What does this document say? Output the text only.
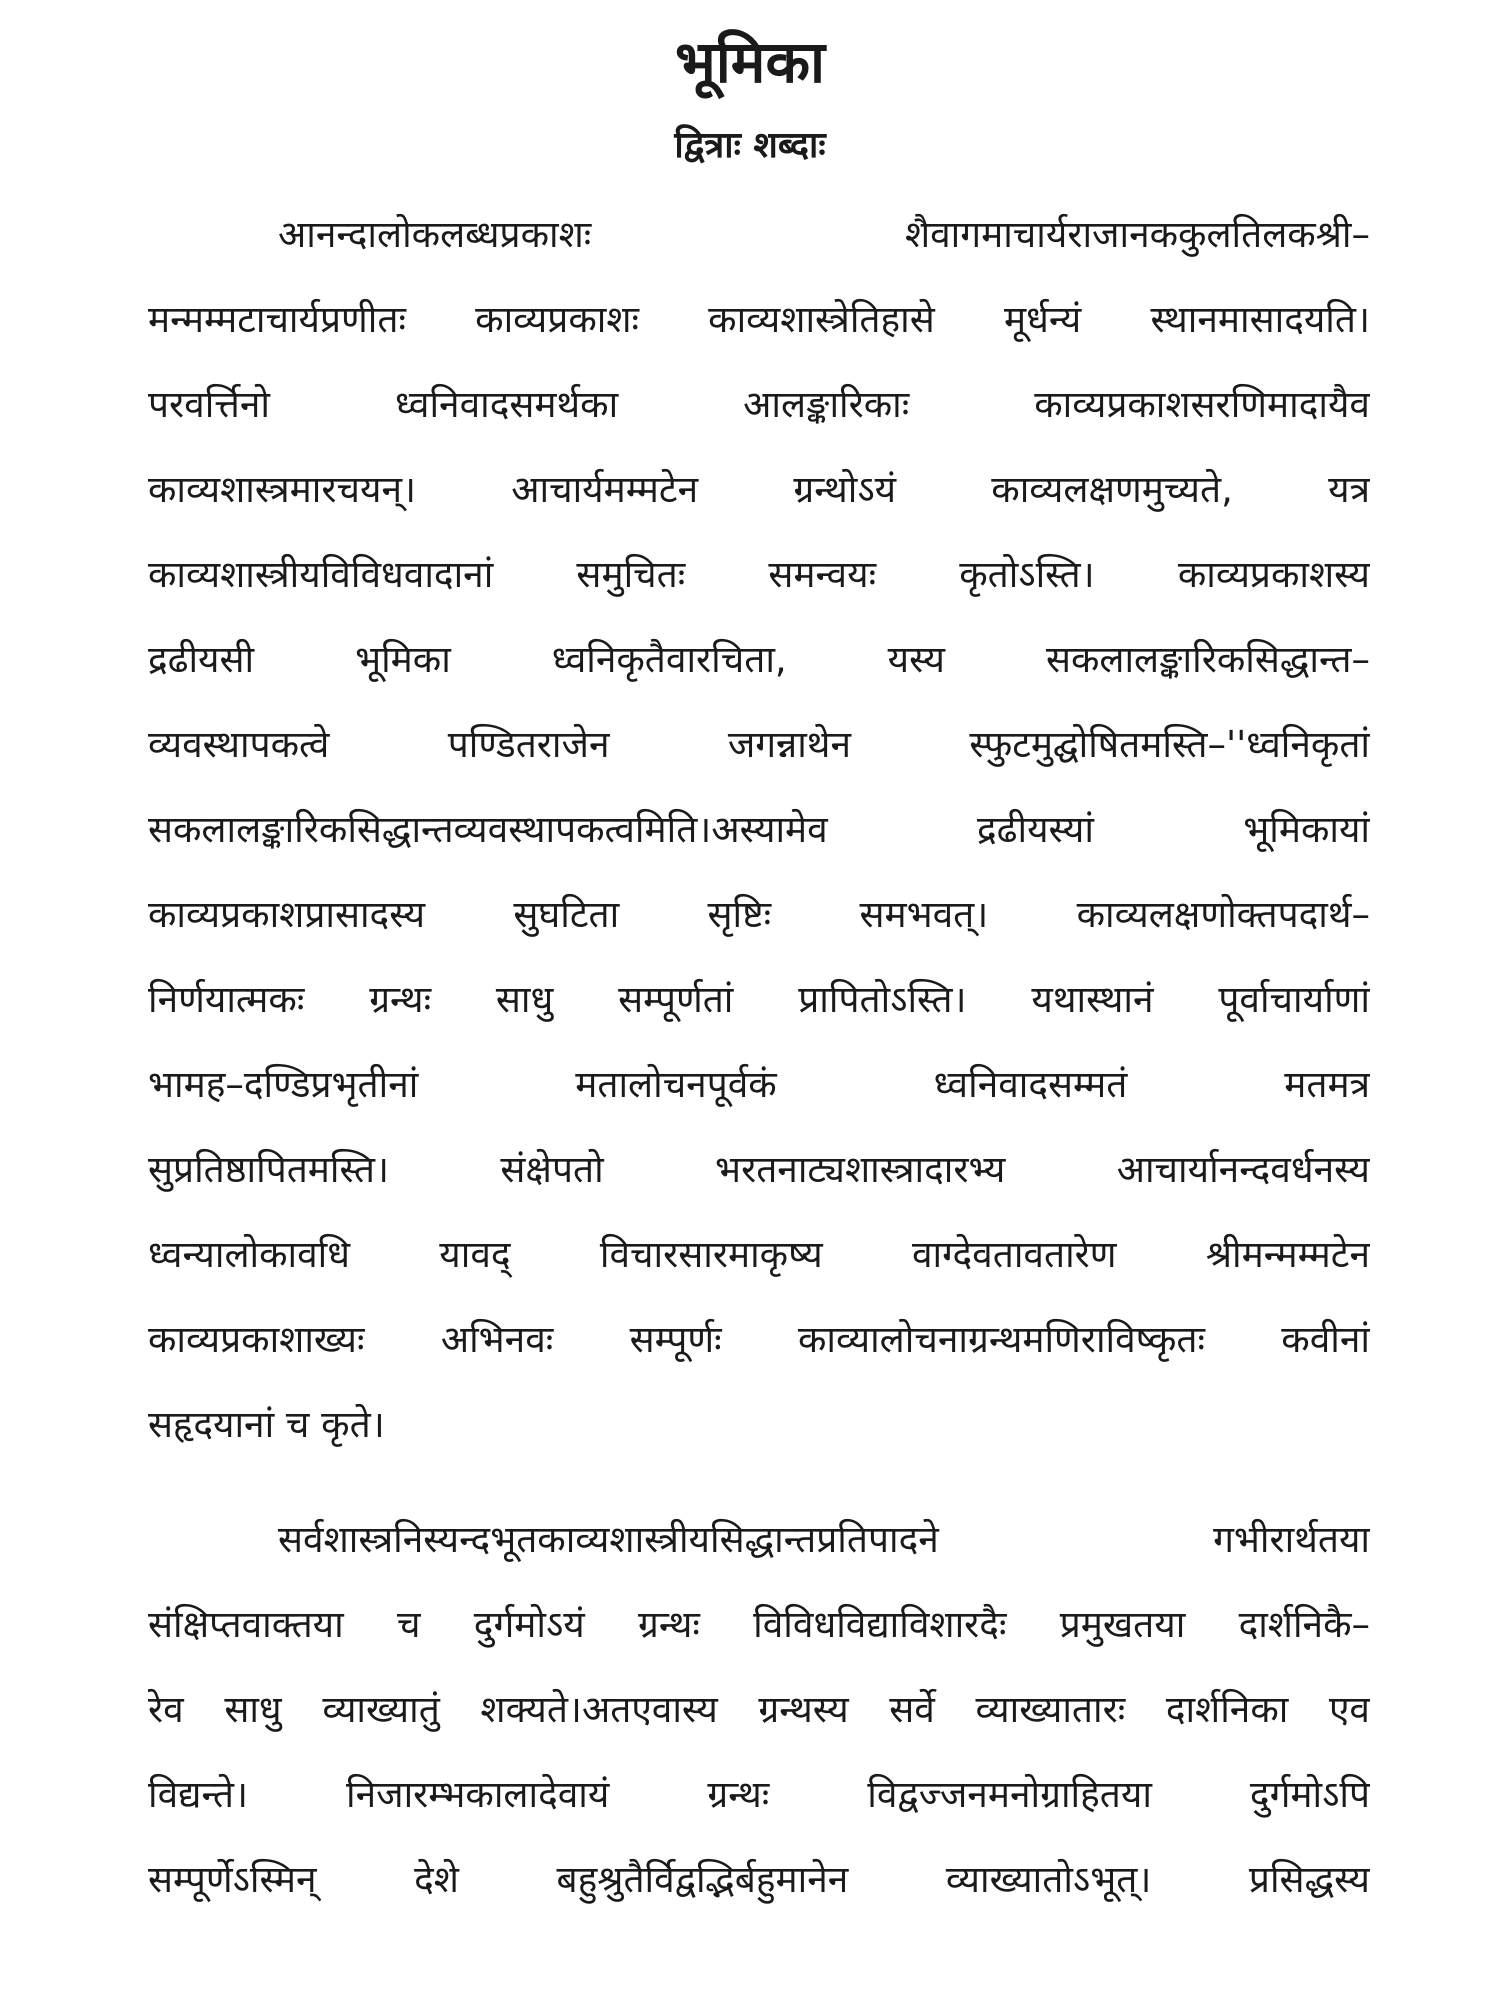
भूमिका
द्वित्राः शब्दाः

आनन्दालोकलब्धप्रकाशः शैवागमाचार्यराजानककुलतिलकश्री–

मन्मम्मटाचार्यप्रणीतः काव्यप्रकाशः काव्यशास्त्रेतिहासे मूर्धन्यं स्थानमासादयति।

परवर्त्तिनो ध्वनिवादसमर्थका आलङ्कारिकाः काव्यप्रकाशसरणिमादायैव

काव्यशास्त्रमारचयन्। आचार्यमम्मटेन ग्रन्थोऽयं काव्यलक्षणमुच्यते, यत्र

काव्यशास्त्रीयविविधवादानां समुचितः समन्वयः कृतोऽस्ति। काव्यप्रकाशस्य

द्रढीयसी भूमिका ध्वनिकृतैवारचिता, यस्य सकलालङ्कारिकसिद्धान्त–

व्यवस्थापकत्वे पण्डितराजेन जगन्नाथेन स्फुटमुद्घोषितमस्ति–''ध्वनिकृतां

सकलालङ्कारिकसिद्धान्तव्यवस्थापकत्वमिति।अस्यामेव द्रढीयस्यां भूमिकायां

काव्यप्रकाशप्रासादस्य सुघटिता सृष्टिः समभवत्। काव्यलक्षणोक्तपदार्थ–

निर्णयात्मकः ग्रन्थः साधु सम्पूर्णतां प्रापितोऽस्ति। यथास्थानं पूर्वाचार्याणां

भामह–दण्डिप्रभृतीनां मतालोचनपूर्वकं ध्वनिवादसम्मतं मतमत्र

सुप्रतिष्ठापितमस्ति। संक्षेपतो भरतनाट्यशास्त्रादारभ्य आचार्यानन्दवर्धनस्य

ध्वन्यालोकावधि यावद् विचारसारमाकृष्य वाग्देवतावतारेण श्रीमन्मम्मटेन

काव्यप्रकाशाख्यः अभिनवः सम्पूर्णः काव्यालोचनाग्रन्थमणिराविष्कृतः कवीनां

सहृदयानां च कृते।

सर्वशास्त्रनिस्यन्दभूतकाव्यशास्त्रीयसिद्धान्तप्रतिपादने गभीरार्थतया

संक्षिप्तवाक्तया च दुर्गमोऽयं ग्रन्थः विविधविद्याविशारदैः प्रमुखतया दार्शनिकै–

रेव साधु व्याख्यातुं शक्यते।अतएवास्य ग्रन्थस्य सर्वे व्याख्यातारः दार्शनिका एव

विद्यन्ते। निजारम्भकालादेवायं ग्रन्थः विद्वज्जनमनोग्राहितया दुर्गमोऽपि

सम्पूर्णेऽस्मिन् देशे बहुश्रुतैर्विद्वद्भिर्बहुमानेन व्याख्यातोऽभूत्। प्रसिद्धस्य
